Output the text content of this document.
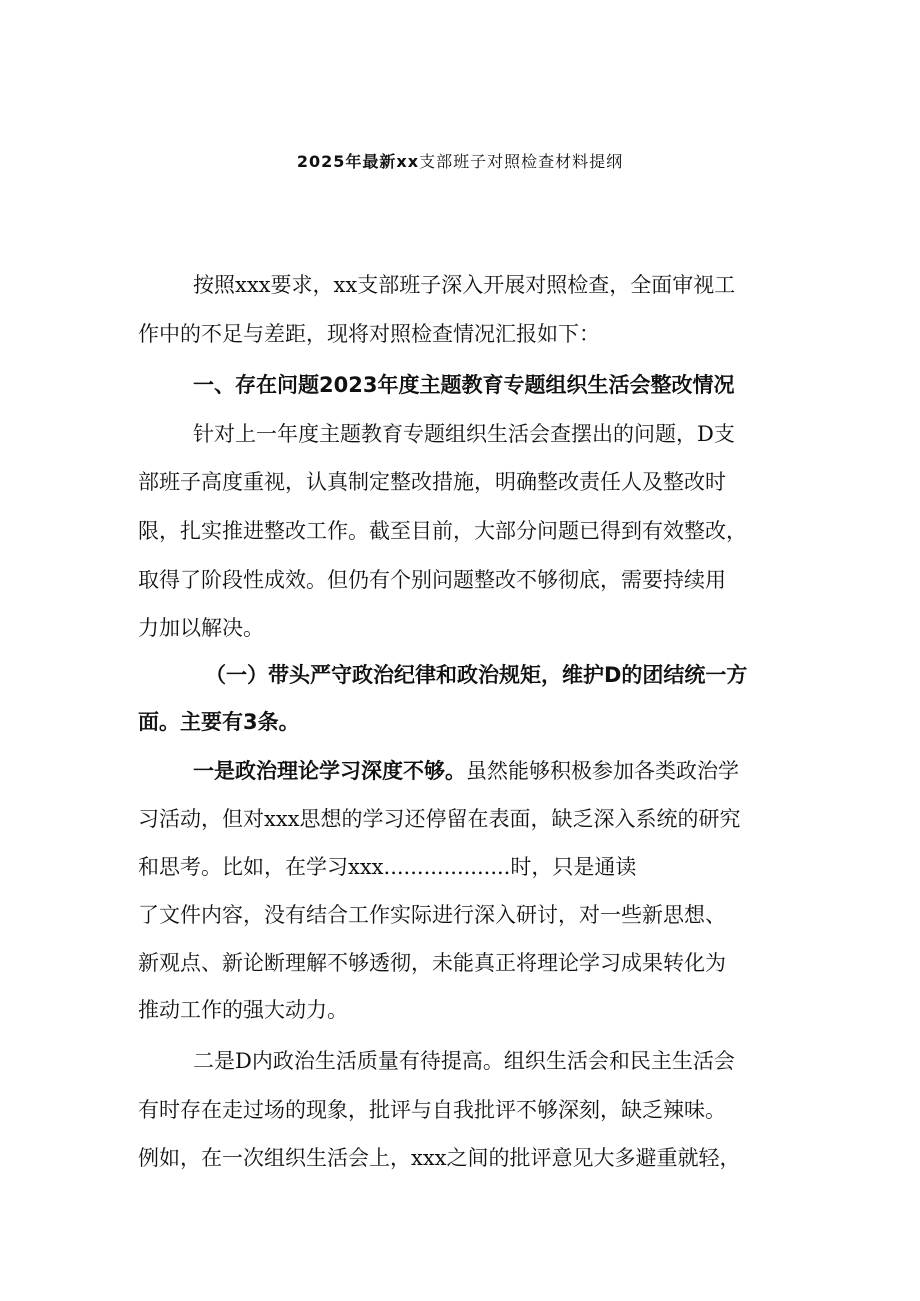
2025年最新xx支部班子对照检查材料提纲
按照xxx要求，xx支部班子深入开展对照检查，全面审视工
作中的不足与差距，现将对照检查情况汇报如下：
一、存在问题2023年度主题教育专题组织生活会整改情况
针对上一年度主题教育专题组织生活会查摆出的问题，D支
部班子高度重视，认真制定整改措施，明确整改责任人及整改时
限，扎实推进整改工作。截至目前，大部分问题已得到有效整改，
取得了阶段性成效。但仍有个别问题整改不够彻底，需要持续用
力加以解决。
（一）带头严守政治纪律和政治规矩，维护D的团结统一方
面。主要有3条。
一是政治理论学习深度不够。虽然能够积极参加各类政治学
习活动，但对xxx思想的学习还停留在表面，缺乏深入系统的研究
和思考。比如，在学习xxx...................时，只是通读
了文件内容，没有结合工作实际进行深入研讨，对一些新思想、
新观点、新论断理解不够透彻，未能真正将理论学习成果转化为
推动工作的强大动力。
二是D内政治生活质量有待提高。组织生活会和民主生活会
有时存在走过场的现象，批评与自我批评不够深刻，缺乏辣味。
例如，在一次组织生活会上，xxx之间的批评意见大多避重就轻，
